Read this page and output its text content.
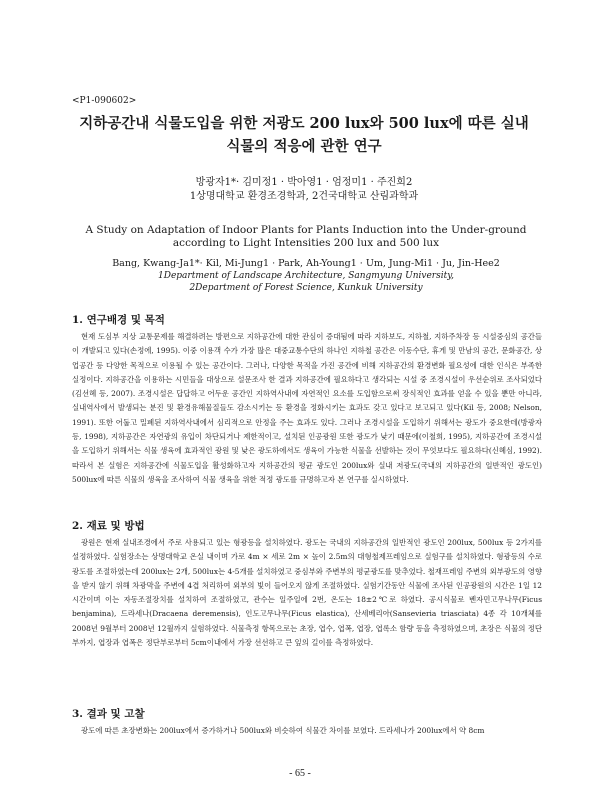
<P1-090602>
지하공간내 식물도입을 위한 저광도 200 lux와 500 lux에 따른 실내
식물의 적응에 관한 연구
방광자1*· 김미정1 · 박아영1 · 엄정미1 · 주진희2
1상명대학교 환경조경학과, 2건국대학교 산림과학과
A Study on Adaptation of Indoor Plants for Plants Induction into the Under-ground
according to Light Intensities 200 lux and 500 lux
Bang, Kwang-Ja1*· Kil, Mi-Jung1 · Park, Ah-Young1 · Um, Jung-Mi1 · Ju, Jin-Hee2
1Department of Landscape Architecture, Sangmyung University,
2Department of Forest Science, Kunkuk University
1. 연구배경 및 목적

현재 도심부 지상 교통문제를 해결하려는 방편으로 지하공간에 대한 관심이 증대됨에 따라 지하보도, 지하철, 지하주차장 등 시설중심의 공간들이 개발되고 있다(손정에, 1995). 이중 이용객 수가 가장 많은 대중교통수단의 하나인 지하철 공간은 이동수단, 휴게 및 만남의 공간, 문화공간, 상업공간 등 다양한 목적으로 이용될 수 있는 공간이다. 그러나, 다양한 목적을 가진 공간에 비해 지하공간의 환경변화 필요성에 대한 인식은 부족한 실정이다. 지하공간을 이용하는 시민들을 대상으로 설문조사 한 결과 지하공간에 필요하다고 생각되는 시설 중 조경시설이 우선순위로 조사되었다(김선혜 등, 2007). 조경시설은 답답하고 어두운 공간인 지하역사내에 자연적인 요소를 도입함으로써 장식적인 효과를 얻을 수 있을 뿐만 아니라, 실내역사에서 발생되는 분진 및 환경유해물질들도 감소시키는 등 환경을 정화시키는 효과도 갖고 있다고 보고되고 있다(Kil 등, 2008; Nelson, 1991). 또한 어둡고 밀폐된 지하역사내에서 심리적으로 안정을 주는 효과도 있다. 그러나 조경시설을 도입하기 위해서는 광도가 중요한데(방광자 등, 1998), 지하공간은 자연광의 유입이 차단되거나 제한적이고, 설치된 인공광원 또한 광도가 낮기 때문에(이철희, 1995), 지하공간에 조경시설을 도입하기 위해서는 식물 생육에 효과적인 광원 및 낮은 광도하에서도 생육이 가능한 식물을 선발하는 것이 무엇보다도 필요하다(신혜심, 1992). 따라서 본 실험은 지하공간에 식물도입을 활성화하고자 지하공간의 평균 광도인 200lux와 실내 저광도(국내의 지하공간의 일반적인 광도인) 500lux에 따른 식물의 생육을 조사하여 식물 생육을 위한 적정 광도를 규명하고자 본 연구를 실시하였다.

2. 재료 및 방법

광원은 현재 실내조경에서 주로 사용되고 있는 형광등을 설치하였다. 광도는 국내의 지하공간의 일반적인 광도인 200lux, 500lux 등 2가지를 설정하였다. 실험장소는 상명대학교 온실 내이며 가로 4m × 세로 2m × 높이 2.5m의 대형철제프레임으로 실험구를 설치하였다. 형광등의 수로 광도를 조절하였는데 200lux는 2개, 500lux는 4-5개를 설치하였고 중심부와 주변부의 평균광도를 맞추었다. 철재프레임 주변의 외부광도의 영향을 받지 않기 위해 차광막을 주변에 4겹 처리하여 외부의 빛이 들어오지 않게 조절하였다. 실험기간동안 식물에 조사된 인공광원의 시간은 1일 12시간이며 이는 자동조절장치를 설치하여 조절하였고, 관수는 일주일에 2번, 온도는 18±2℃로 하였다. 공시식물로 벤자민고무나무(Ficus benjamina), 드라세나(Dracaena deremensis), 인도고무나무(Ficus elastica), 산세베리아(Sansevieria triasciata) 4종 각 10개체를 2008년 9월부터 2008년 12월까지 실험하였다. 식물측정 항목으로는 초장, 엽수, 엽폭, 엽장, 엽록소 함량 등을 측정하였으며, 초장은 식물의 정단부까지, 엽장과 엽폭은 정단부로부터 5cm이내에서 가장 선선하고 큰 잎의 길이를 측정하였다.

3. 결과 및 고찰

광도에 따른 초장변화는 200lux에서 증가하거나 500lux와 비슷하여 식물간 차이를 보였다. 드라세나가 200lux에서 약 8cm

- 65 -
